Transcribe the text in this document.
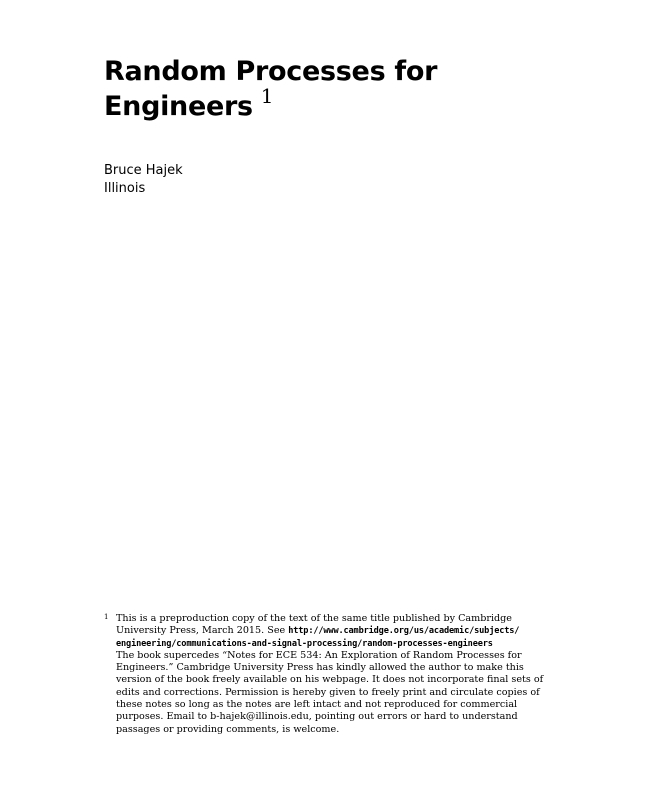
Random Processes for
Engineers $^1$
Bruce Hajek
Illinois
1 This is a preproduction copy of the text of the same title published by Cambridge
University Press, March 2015. See http://www.cambridge.org/us/academic/subjects/
engineering/communications-and-signal-processing/random-processes-engineers
The book supercedes “Notes for ECE 534: An Exploration of Random Processes for
Engineers.” Cambridge University Press has kindly allowed the author to make this
version of the book freely available on his webpage. It does not incorporate final sets of
edits and corrections. Permission is hereby given to freely print and circulate copies of
these notes so long as the notes are left intact and not reproduced for commercial
purposes. Email to b-hajek@illinois.edu, pointing out errors or hard to understand
passages or providing comments, is welcome.
